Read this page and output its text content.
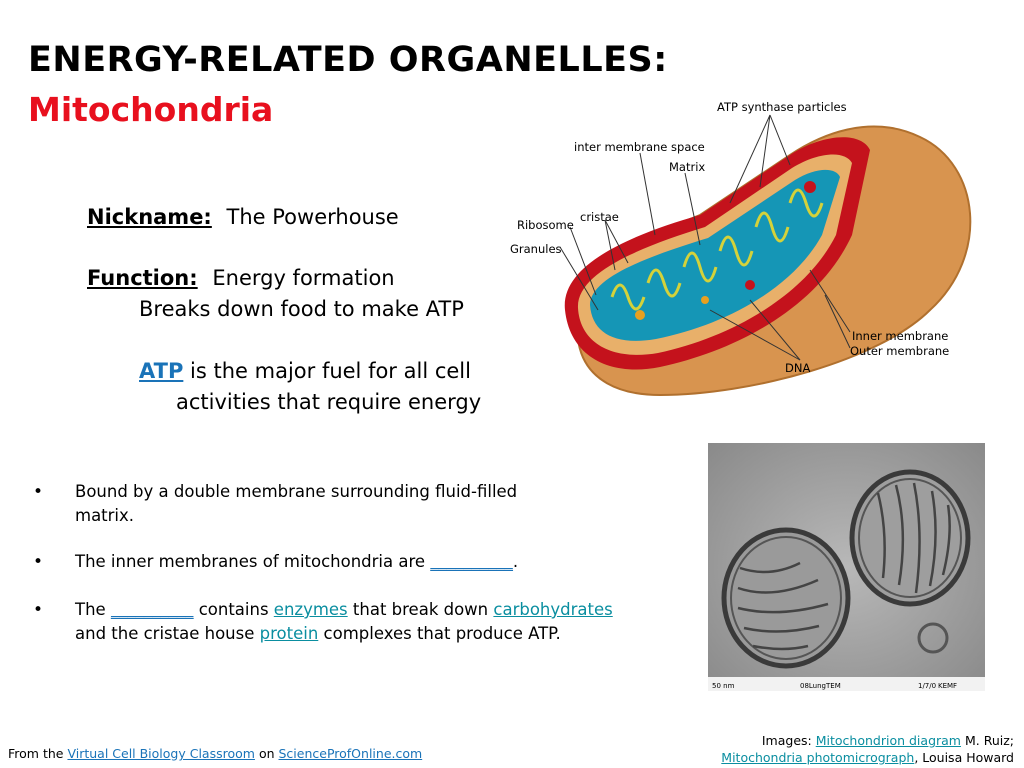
ENERGY-RELATED ORGANELLES:
Mitochondria
Nickname: The Powerhouse
Function: Energy formation
Breaks down food to make ATP
ATP is the major fuel for all cell
activities that require energy
ATP synthase particles
inter membrane space
Matrix
cristae
Ribosome
Granules
Inner membrane
Outer membrane
DNA
• Bound by a double membrane surrounding fluid-filled matrix.
• The inner membranes of mitochondria are __________.
• The __________ contains enzymes that break down carbohydrates and the cristae house protein complexes that produce ATP.
50 nm	08LungTEM	1/7/0 KEMF
From the Virtual Cell Biology Classroom on ScienceProfOnline.com
Images: Mitochondrion diagram M. Ruiz;
Mitochondria photomicrograph, Louisa Howard
